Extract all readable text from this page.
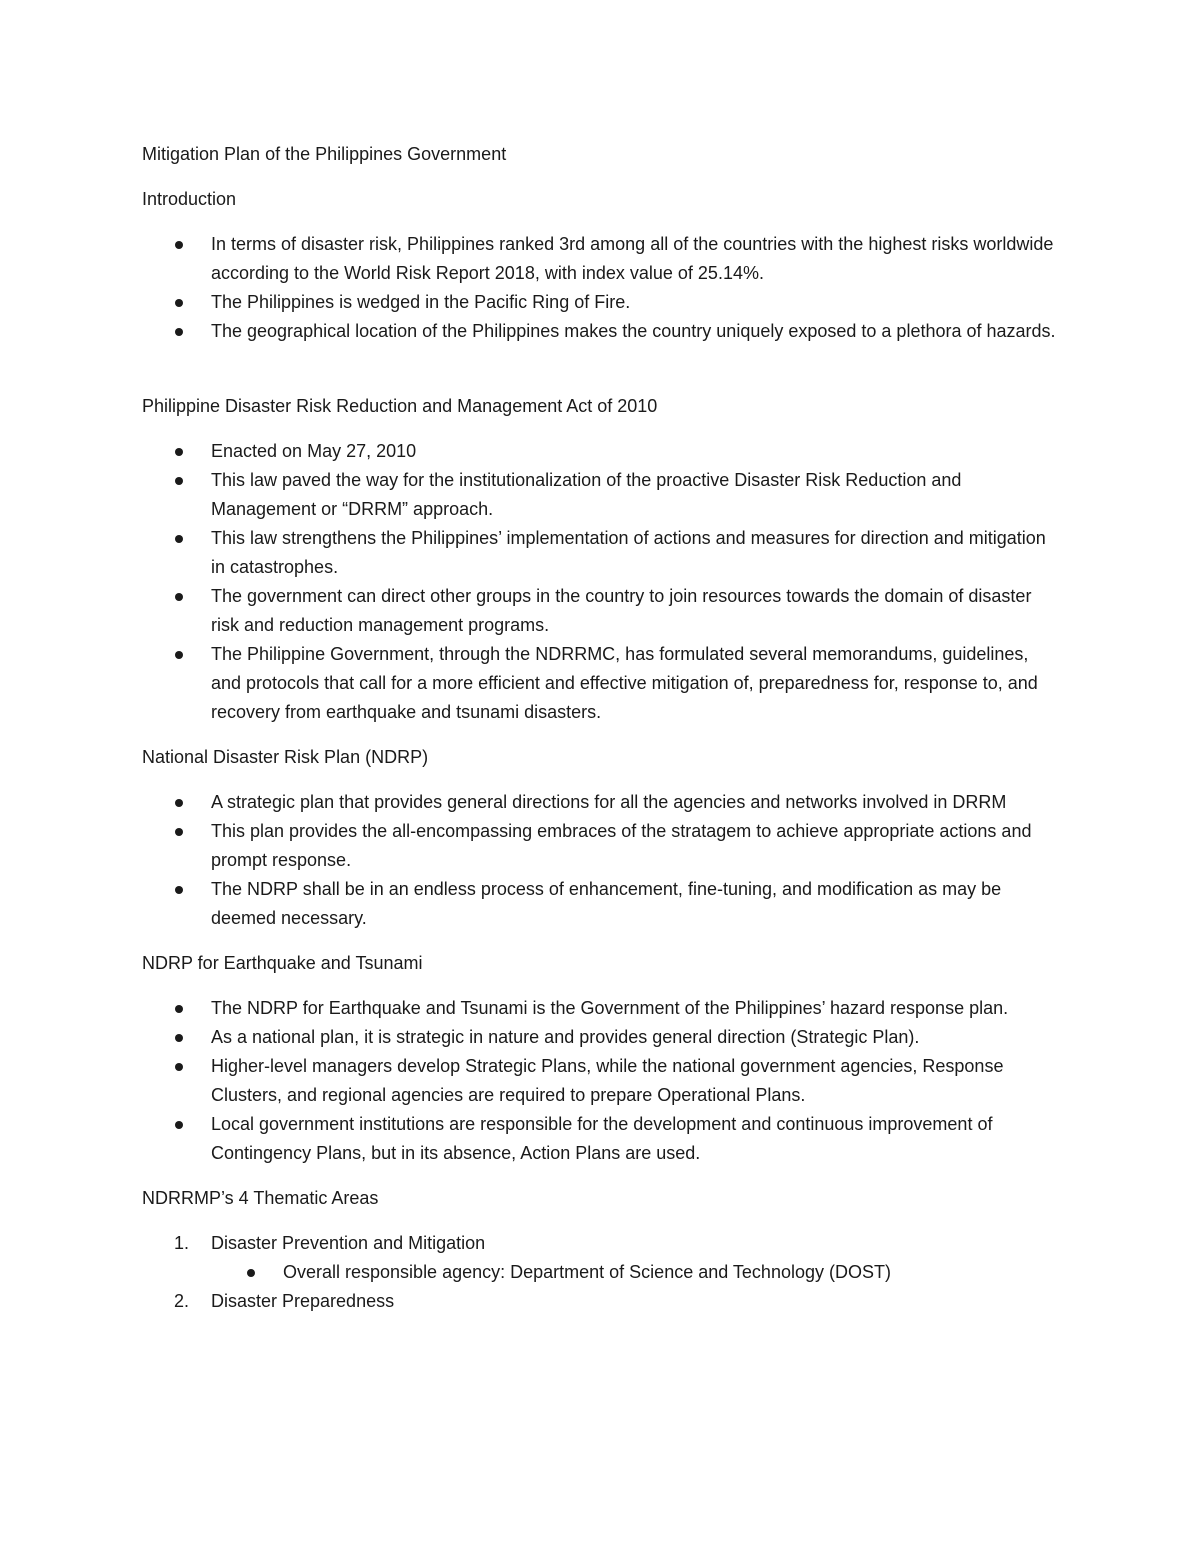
Mitigation Plan of the Philippines Government

Introduction

In terms of disaster risk, Philippines ranked 3rd among all of the countries with the highest risks worldwide according to the World Risk Report 2018, with index value of 25.14%.
The Philippines is wedged in the Pacific Ring of Fire.
The geographical location of the Philippines makes the country uniquely exposed to a plethora of hazards.

Philippine Disaster Risk Reduction and Management Act of 2010

Enacted on May 27, 2010
This law paved the way for the institutionalization of the proactive Disaster Risk Reduction and Management or “DRRM” approach.
This law strengthens the Philippines’ implementation of actions and measures for direction and mitigation in catastrophes.
The government can direct other groups in the country to join resources towards the domain of disaster risk and reduction management programs.
The Philippine Government, through the NDRRMC, has formulated several memorandums, guidelines, and protocols that call for a more efficient and effective mitigation of, preparedness for, response to, and recovery from earthquake and tsunami disasters.

National Disaster Risk Plan (NDRP)

A strategic plan that provides general directions for all the agencies and networks involved in DRRM
This plan provides the all-encompassing embraces of the stratagem to achieve appropriate actions and prompt response.
The NDRP shall be in an endless process of enhancement, fine-tuning, and modification as may be deemed necessary.

NDRP for Earthquake and Tsunami

The NDRP for Earthquake and Tsunami is the Government of the Philippines’ hazard response plan.
As a national plan, it is strategic in nature and provides general direction (Strategic Plan).
Higher-level managers develop Strategic Plans, while the national government agencies, Response Clusters, and regional agencies are required to prepare Operational Plans.
Local government institutions are responsible for the development and continuous improvement of Contingency Plans, but in its absence, Action Plans are used.

NDRRMP’s 4 Thematic Areas

1. Disaster Prevention and Mitigation
Overall responsible agency: Department of Science and Technology (DOST)
2. Disaster Preparedness
